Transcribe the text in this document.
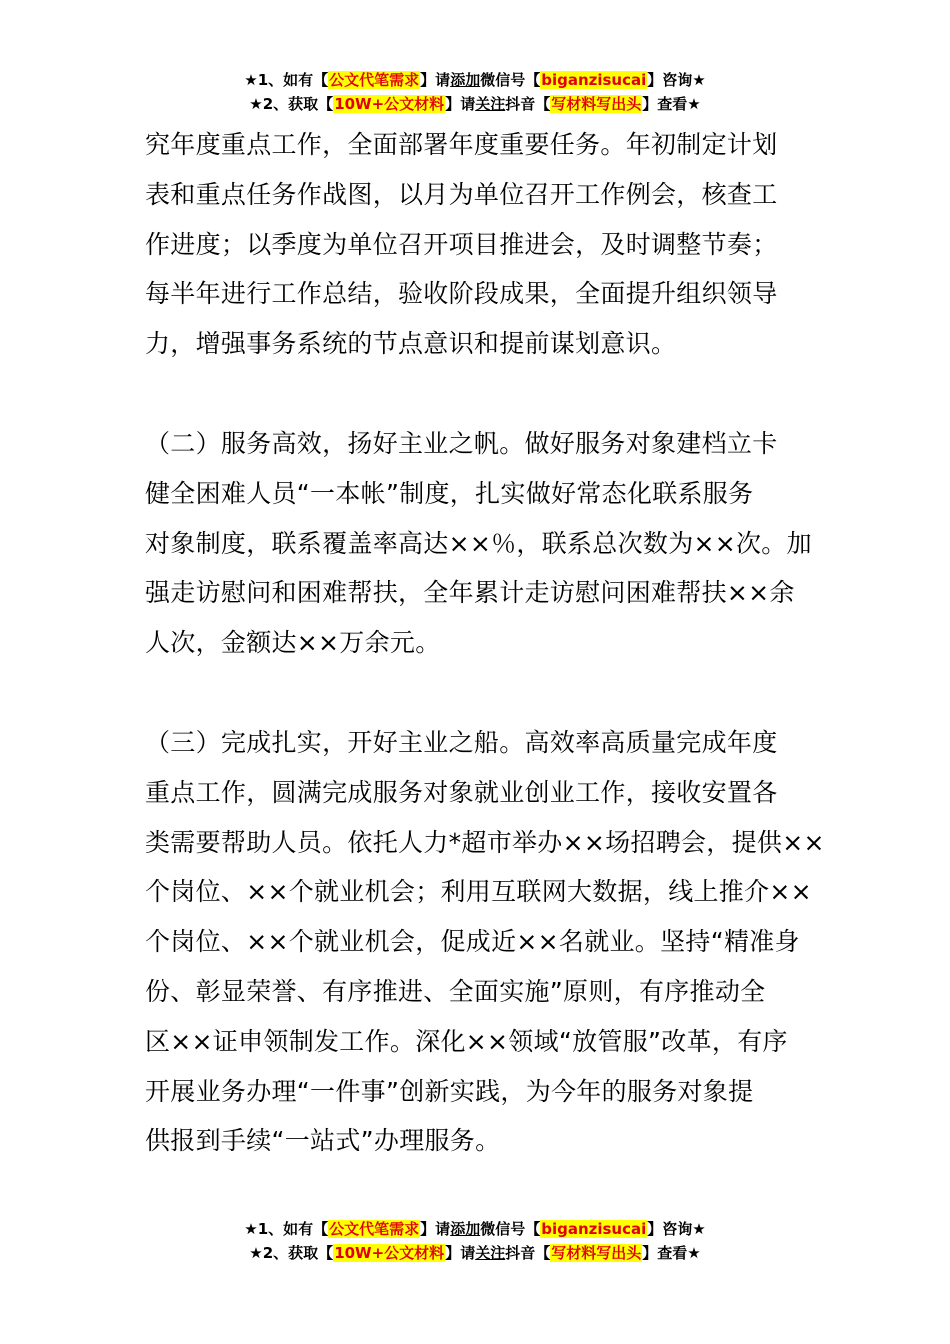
★1、如有【公文代笔需求】请添加微信号【biganzisucai】咨询★
★2、获取【10W+公文材料】请关注抖音【写材料写出头】查看★
究年度重点工作，全面部署年度重要任务。年初制定计划
表和重点任务作战图，以月为单位召开工作例会，核查工
作进度；以季度为单位召开项目推进会，及时调整节奏；
每半年进行工作总结，验收阶段成果，全面提升组织领导
力，增强事务系统的节点意识和提前谋划意识。
（二）服务高效，扬好主业之帆。做好服务对象建档立卡
健全困难人员“一本帐”制度，扎实做好常态化联系服务
对象制度，联系覆盖率高达××％，联系总次数为××次。加
强走访慰问和困难帮扶，全年累计走访慰问困难帮扶××余
人次，金额达××万余元。
（三）完成扎实，开好主业之船。高效率高质量完成年度
重点工作，圆满完成服务对象就业创业工作，接收安置各
类需要帮助人员。依托人力*超市举办××场招聘会，提供××
个岗位、××个就业机会；利用互联网大数据，线上推介××
个岗位、××个就业机会，促成近××名就业。坚持“精准身
份、彰显荣誉、有序推进、全面实施”原则，有序推动全
区××证申领制发工作。深化××领域“放管服”改革，有序
开展业务办理“一件事”创新实践，为今年的服务对象提
供报到手续“一站式”办理服务。
★1、如有【公文代笔需求】请添加微信号【biganzisucai】咨询★
★2、获取【10W+公文材料】请关注抖音【写材料写出头】查看★
